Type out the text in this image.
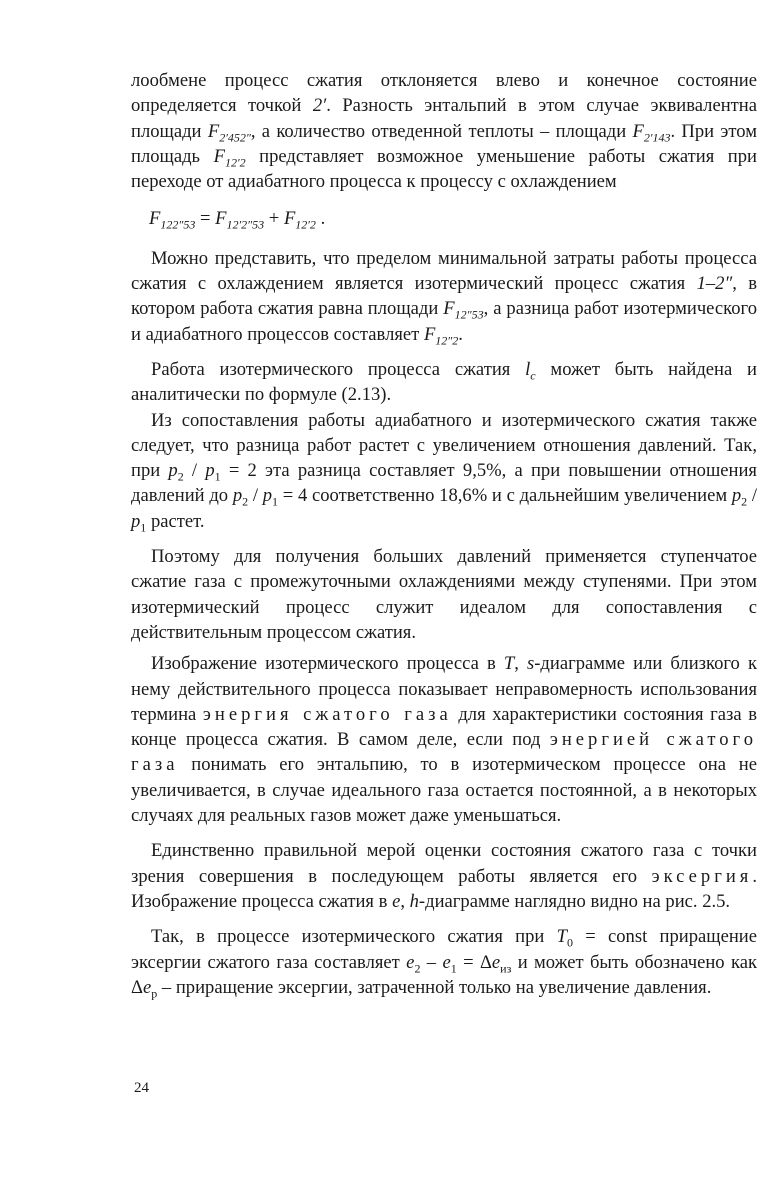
лообмене процесс сжатия отклоняется влево и конечное состояние определяется точкой 2′. Разность энтальпий в этом случае эквивалентна площади $F_{2'452''}$, а количество отведенной теплоты – площади $F_{2'143}$. При этом площадь $F_{12'2}$ представляет возможное уменьшение работы сжатия при переходе от адиабатного процесса к процессу с охлаждением

$F_{122''53} = F_{12'2''53} + F_{12'2}$ .

Можно представить, что пределом минимальной затраты работы процесса сжатия с охлаждением является изотермический процесс сжатия 1–2″, в котором работа сжатия равна площади $F_{12''53}$, а разница работ изотермического и адиабатного процессов составляет $F_{12''2}$.

Работа изотермического процесса сжатия $l_c$ может быть найдена и аналитически по формуле (2.13).

Из сопоставления работы адиабатного и изотермического сжатия также следует, что разница работ растет с увеличением отношения давлений. Так, при $p_2 / p_1 = 2$ эта разница составляет 9,5%, а при повышении отношения давлений до $p_2 / p_1 = 4$ соответственно 18,6% и с дальнейшим увеличением $p_2 / p_1$ растет.

Поэтому для получения больших давлений применяется ступенчатое сжатие газа с промежуточными охлаждениями между ступенями. При этом изотермический процесс служит идеалом для сопоставления с действительным процессом сжатия.

Изображение изотермического процесса в T, s-диаграмме или близкого к нему действительного процесса показывает неправомерность использования термина энергия сжатого газа для характеристики состояния газа в конце процесса сжатия. В самом деле, если под энергией сжатого газа понимать его энтальпию, то в изотермическом процессе она не увеличивается, в случае идеального газа остается постоянной, а в некоторых случаях для реальных газов может даже уменьшаться.

Единственно правильной мерой оценки состояния сжатого газа с точки зрения совершения в последующем работы является его эксергия. Изображение процесса сжатия в e, h-диаграмме наглядно видно на рис. 2.5.

Так, в процессе изотермического сжатия при $T_0$ = const приращение эксергии сжатого газа составляет $e_2 - e_1 = \Delta e_{из}$ и может быть обозначено как $\Delta e_p$ – приращение эксергии, затраченной только на увеличение давления.

24
